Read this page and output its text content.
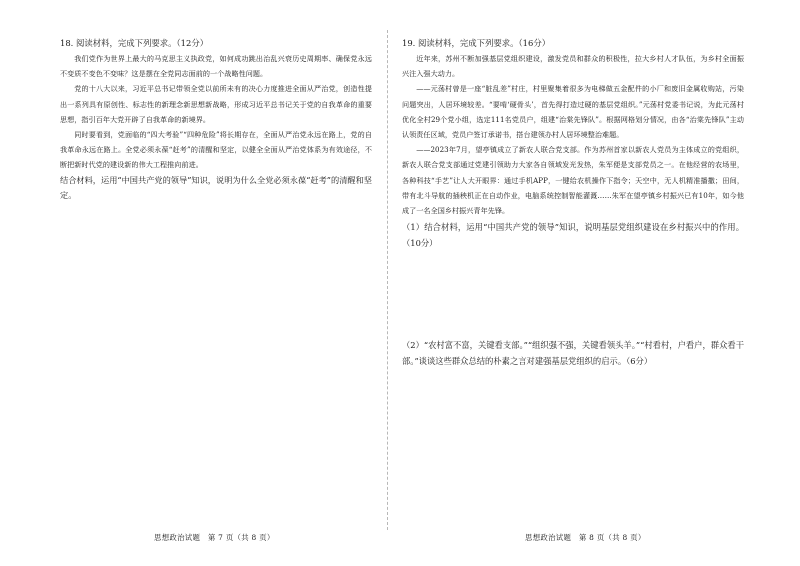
18. 阅读材料，完成下列要求。（12分）

我们党作为世界上最大的马克思主义执政党，如何成功跳出治乱兴衰历史周期率、确保党永远不变质不变色不变味？这是摆在全党同志面前的一个战略性问题。

党的十八大以来，习近平总书记带领全党以前所未有的决心力度推进全面从严治党，创造性提出一系列具有原创性、标志性的新理念新思想新战略，形成习近平总书记关于党的自我革命的重要思想，指引百年大党开辟了自我革命的新境界。

同时要看到，党面临的“四大考验”“四种危险”将长期存在，全面从严治党永远在路上，党的自我革命永远在路上。全党必须永葆“赶考”的清醒和坚定，以健全全面从严治党体系为有效途径，不断把新时代党的建设新的伟大工程推向前进。

结合材料，运用“中国共产党的领导”知识，说明为什么全党必须永葆“赶考”的清醒和坚定。

19. 阅读材料，完成下列要求。（16分）

近年来，苏州不断加强基层党组织建设，激发党员和群众的积极性，拉大乡村人才队伍，为乡村全面振兴注入强大动力。

——元荡村曾是一座“脏乱差”村庄，村里聚集着很多为电梯做五金配件的小厂和废旧金属收购站，污染问题突出，人居环境较差。“要啃‘硬骨头’，首先得打造过硬的基层党组织。”元荡村党委书记说，为此元荡村优化全村29个党小组，选定111名党员户，组建“治棠先锋队”。根据网格划分情况，由各“治棠先锋队”主动认领责任区域，党员户签订承诺书，搭台建领办村人居环境整治难题。

——2023年7月，望亭镇成立了新农人联合党支部。作为苏州首家以新农人党员为主体成立的党组织，新农人联合党支部通过党建引领助力大家各自领域发光发热，朱军便是支部党员之一。在他经营的农场里，各种科技“手艺”让人大开眼界：通过手机APP，一键给农机操作下指令；天空中，无人机精准播撒；田间，带有北斗导航的插秧机正在自动作业，电脑系统控制智能灌溉……朱军在望亭镇乡村振兴已有10年，如今他成了一名全国乡村振兴青年先锋。

（1）结合材料，运用“中国共产党的领导”知识，说明基层党组织建设在乡村振兴中的作用。（10分）

（2）“农村富不富，关键看支部。”“组织强不强，关键看领头羊。”“村看村，户看户，群众看干部。”谈谈这些群众总结的朴素之言对建强基层党组织的启示。（6分）

思想政治试题　第 7 页（共 8 页）	思想政治试题　第 8 页（共 8 页）
